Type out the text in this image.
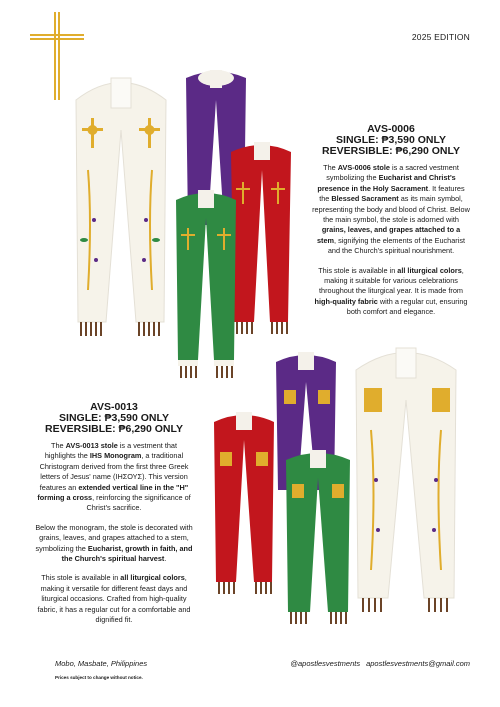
2025 EDITION
AVS-0006
SINGLE: ₱3,590 ONLY
REVERSIBLE: ₱6,290 ONLY

The AVS-0006 stole is a sacred vestment symbolizing the Eucharist and Christ's presence in the Holy Sacrament. It features the Blessed Sacrament as its main symbol, representing the body and blood of Christ. Below the main symbol, the stole is adorned with grains, leaves, and grapes attached to a stem, signifying the elements of the Eucharist and the Church's spiritual nourishment.

This stole is available in all liturgical colors, making it suitable for various celebrations throughout the liturgical year. It is made from high-quality fabric with a regular cut, ensuring both comfort and elegance.

AVS-0013
SINGLE: ₱3,590 ONLY
REVERSIBLE: ₱6,290 ONLY

The AVS-0013 stole is a vestment that highlights the IHS Monogram, a traditional Christogram derived from the first three Greek letters of Jesus' name (ΙΗΣΟΥΣ). This version features an extended vertical line in the "H" forming a cross, reinforcing the significance of Christ's sacrifice.

Below the monogram, the stole is decorated with grains, leaves, and grapes attached to a stem, symbolizing the Eucharist, growth in faith, and the Church's spiritual harvest.

This stole is available in all liturgical colors, making it versatile for different feast days and liturgical occasions. Crafted from high-quality fabric, it has a regular cut for a comfortable and dignified fit.

Mobo, Masbate, Philippines
Prices subject to change without notice.
@apostlesvestments apostlesvestments@gmail.com
